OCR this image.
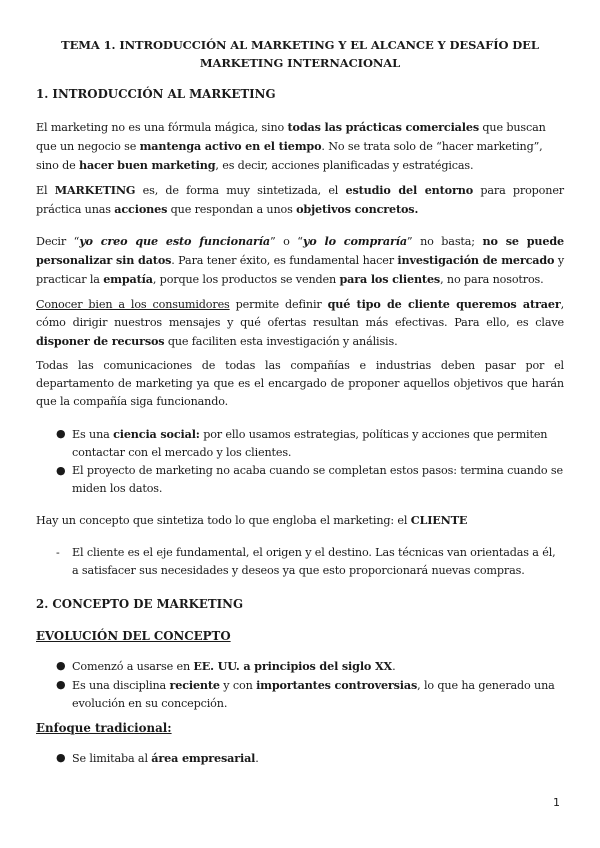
TEMA 1. INTRODUCCIÓN AL MARKETING Y EL ALCANCE Y DESAFÍO DEL MARKETING INTERNACIONAL
1. INTRODUCCIÓN AL MARKETING

El marketing no es una fórmula mágica, sino todas las prácticas comerciales que buscan que un negocio se mantenga activo en el tiempo. No se trata solo de “hacer marketing”, sino de hacer buen marketing, es decir, acciones planificadas y estratégicas.

El MARKETING es, de forma muy sintetizada, el estudio del entorno para proponer práctica unas acciones que respondan a unos objetivos concretos.

Decir “yo creo que esto funcionaría” o “yo lo compraría” no basta; no se puede personalizar sin datos. Para tener éxito, es fundamental hacer investigación de mercado y practicar la empatía, porque los productos se venden para los clientes, no para nosotros.

Conocer bien a los consumidores permite definir qué tipo de cliente queremos atraer, cómo dirigir nuestros mensajes y qué ofertas resultan más efectivas. Para ello, es clave disponer de recursos que faciliten esta investigación y análisis.

Todas las comunicaciones de todas las compañías e industrias deben pasar por el departamento de marketing ya que es el encargado de proponer aquellos objetivos que harán que la compañía siga funcionando.

● Es una ciencia social: por ello usamos estrategias, políticas y acciones que permiten contactar con el mercado y los clientes.
● El proyecto de marketing no acaba cuando se completan estos pasos: termina cuando se miden los datos.

Hay un concepto que sintetiza todo lo que engloba el marketing: el CLIENTE

- El cliente es el eje fundamental, el origen y el destino. Las técnicas van orientadas a él, a satisfacer sus necesidades y deseos ya que esto proporcionará nuevas compras.
2. CONCEPTO DE MARKETING
EVOLUCIÓN DEL CONCEPTO
● Comenzó a usarse en EE. UU. a principios del siglo XX.
● Es una disciplina reciente y con importantes controversias, lo que ha generado una evolución en su concepción.
Enfoque tradicional:
● Se limitaba al área empresarial.
1
